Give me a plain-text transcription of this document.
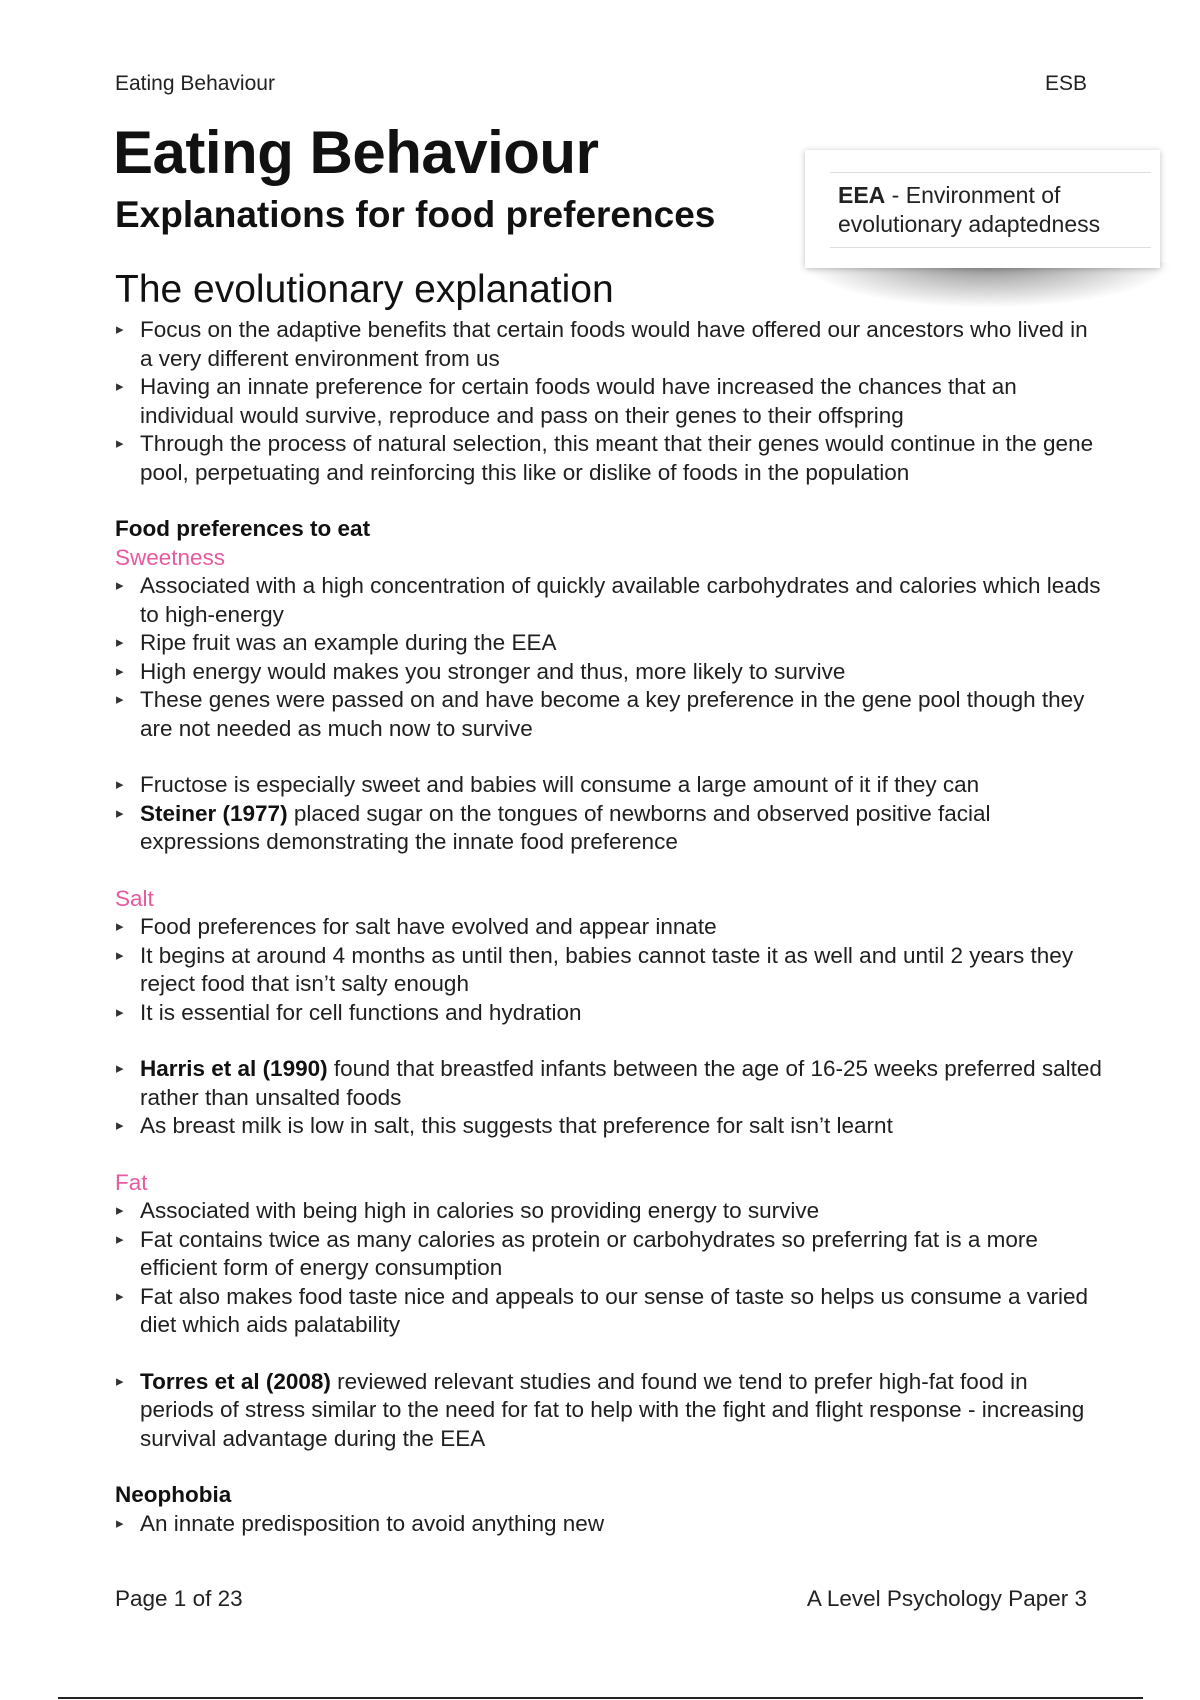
Eating Behaviour	ESB
Eating Behaviour
Explanations for food preferences	EEA - Environment of evolutionary adaptedness
The evolutionary explanation
▸ Focus on the adaptive benefits that certain foods would have offered our ancestors who lived in a very different environment from us
▸ Having an innate preference for certain foods would have increased the chances that an individual would survive, reproduce and pass on their genes to their offspring
▸ Through the process of natural selection, this meant that their genes would continue in the gene pool, perpetuating and reinforcing this like or dislike of foods in the population
Food preferences to eat
Sweetness
▸ Associated with a high concentration of quickly available carbohydrates and calories which leads to high-energy
▸ Ripe fruit was an example during the EEA
▸ High energy would makes you stronger and thus, more likely to survive
▸ These genes were passed on and have become a key preference in the gene pool though they are not needed as much now to survive
▸ Fructose is especially sweet and babies will consume a large amount of it if they can
▸ Steiner (1977) placed sugar on the tongues of newborns and observed positive facial expressions demonstrating the innate food preference
Salt
▸ Food preferences for salt have evolved and appear innate
▸ It begins at around 4 months as until then, babies cannot taste it as well and until 2 years they reject food that isn’t salty enough
▸ It is essential for cell functions and hydration
▸ Harris et al (1990) found that breastfed infants between the age of 16-25 weeks preferred salted rather than unsalted foods
▸ As breast milk is low in salt, this suggests that preference for salt isn’t learnt
Fat
▸ Associated with being high in calories so providing energy to survive
▸ Fat contains twice as many calories as protein or carbohydrates so preferring fat is a more efficient form of energy consumption
▸ Fat also makes food taste nice and appeals to our sense of taste so helps us consume a varied diet which aids palatability
▸ Torres et al (2008) reviewed relevant studies and found we tend to prefer high-fat food in periods of stress similar to the need for fat to help with the fight and flight response - increasing survival advantage during the EEA
Neophobia
▸ An innate predisposition to avoid anything new
Page 1 of 23	A Level Psychology Paper 3
